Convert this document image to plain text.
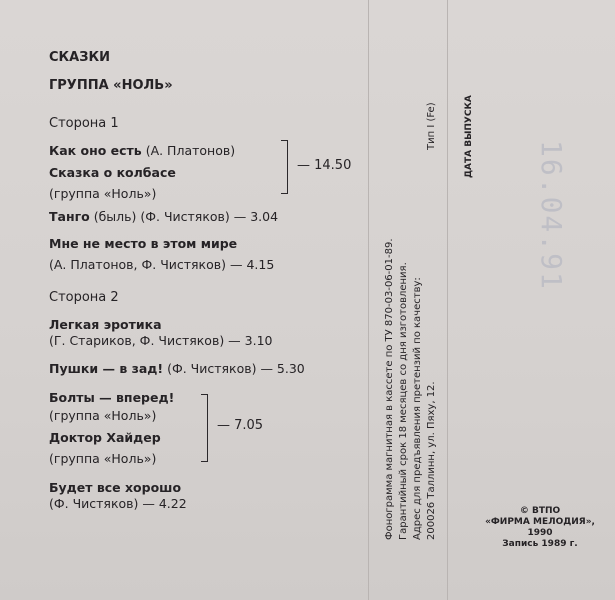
СКАЗКИ
ГРУППА «НОЛЬ»
Сторона 1
Как оно есть (А. Платонов)
Сказка о колбасе
(группа «Ноль»)
— 14.50
Танго (быль) (Ф. Чистяков) — 3.04
Мне не место в этом мире
(А. Платонов, Ф. Чистяков) — 4.15
Сторона 2
Легкая эротика
(Г. Стариков, Ф. Чистяков) — 3.10
Пушки — в зад! (Ф. Чистяков) — 5.30
Болты — вперед!
(группа «Ноль»)
Доктор Хайдер
(группа «Ноль»)
— 7.05
Будет все хорошо
(Ф. Чистяков) — 4.22	Фонограмма магнитная в кассете по ТУ 870-03-06-01-89. Гарантийный срок 18 месяцев со дня изготовления. Адрес для предъявления претензий по качеству: 200026 Таллинн, ул. Пяху, 12.
Тип I (Fe)	ДАТА ВЫПУСКА
16.04.91
© ВТПО
«ФИРМА МЕЛОДИЯ»,
1990
Запись 1989 г.
